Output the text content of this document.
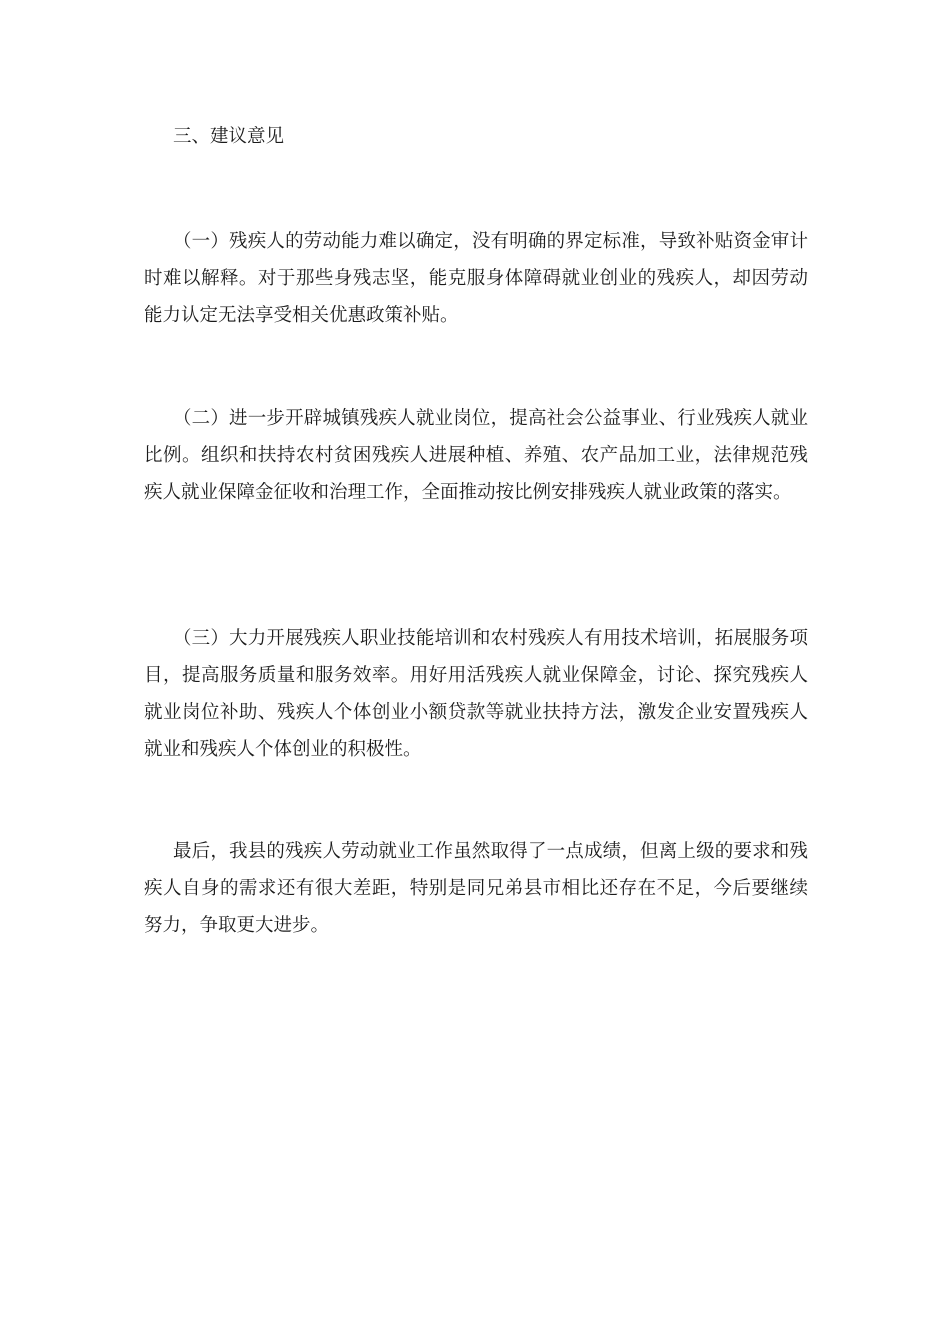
三、建议意见

（一）残疾人的劳动能力难以确定，没有明确的界定标准，导致补贴资金审计时难以解释。对于那些身残志坚，能克服身体障碍就业创业的残疾人，却因劳动能力认定无法享受相关优惠政策补贴。

（二）进一步开辟城镇残疾人就业岗位，提高社会公益事业、行业残疾人就业比例。组织和扶持农村贫困残疾人进展种植、养殖、农产品加工业，法律规范残疾人就业保障金征收和治理工作，全面推动按比例安排残疾人就业政策的落实。

（三）大力开展残疾人职业技能培训和农村残疾人有用技术培训，拓展服务项目，提高服务质量和服务效率。用好用活残疾人就业保障金，讨论、探究残疾人就业岗位补助、残疾人个体创业小额贷款等就业扶持方法，激发企业安置残疾人就业和残疾人个体创业的积极性。

最后，我县的残疾人劳动就业工作虽然取得了一点成绩，但离上级的要求和残疾人自身的需求还有很大差距，特别是同兄弟县市相比还存在不足，今后要继续努力，争取更大进步。
